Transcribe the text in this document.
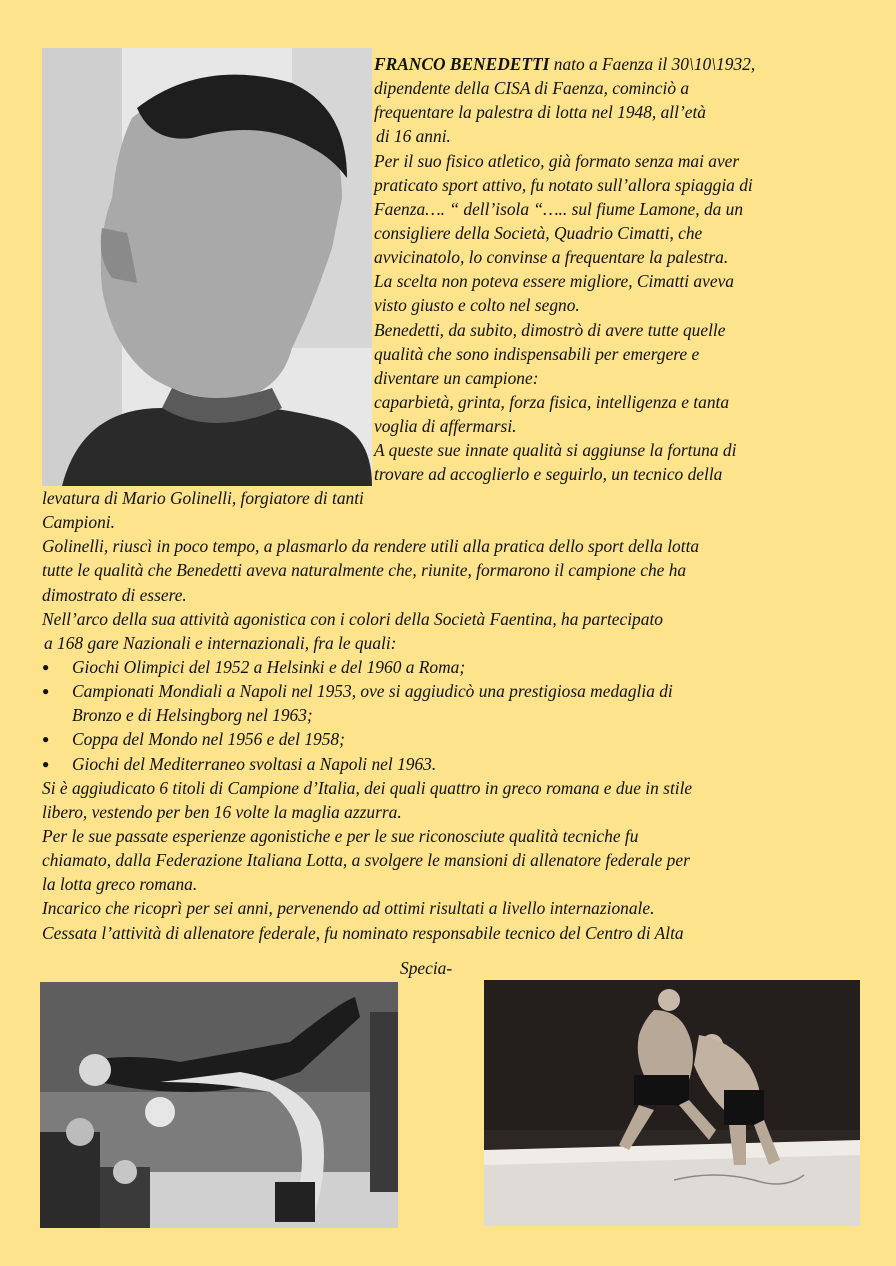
FRANCO BENEDETTI nato a Faenza il 30\10\1932,
dipendente della CISA di Faenza, cominciò a
frequentare la palestra di lotta nel 1948, all’età
di 16 anni.
Per il suo fisico atletico, già formato senza mai aver
praticato sport attivo, fu notato sull’allora spiaggia di
Faenza…. “ dell’isola “….. sul fiume Lamone, da un
consigliere della Società, Quadrio Cimatti, che
avvicinatolo, lo convinse a frequentare la palestra.
La scelta non poteva essere migliore, Cimatti aveva
visto giusto e colto nel segno.
Benedetti, da subito, dimostrò di avere tutte quelle
qualità che sono indispensabili per emergere e
diventare un campione:
caparbietà, grinta, forza fisica, intelligenza e tanta
voglia di affermarsi.
A queste sue innate qualità si aggiunse la fortuna di
trovare ad accoglierlo e seguirlo, un tecnico della
levatura di Mario Golinelli, forgiatore di tanti
Campioni.
Golinelli, riuscì in poco tempo, a plasmarlo da rendere utili alla pratica dello sport della lotta
tutte le qualità che Benedetti aveva naturalmente che, riunite, formarono il campione che ha
dimostrato di essere.
Nell’arco della sua attività agonistica con i colori della Società Faentina, ha partecipato
a 168 gare Nazionali e internazionali, fra le quali:
● Giochi Olimpici del 1952 a Helsinki e del 1960 a Roma;
● Campionati Mondiali a Napoli nel 1953, ove si aggiudicò una prestigiosa medaglia di
Bronzo e di Helsingborg nel 1963;
● Coppa del Mondo nel 1956 e del 1958;
● Giochi del Mediterraneo svoltasi a Napoli nel 1963.
Si è aggiudicato 6 titoli di Campione d’Italia, dei quali quattro in greco romana e due in stile
libero, vestendo per ben 16 volte la maglia azzurra.
Per le sue passate esperienze agonistiche e per le sue riconosciute qualità tecniche fu
chiamato, dalla Federazione Italiana Lotta, a svolgere le mansioni di allenatore federale per
la lotta greco romana.
Incarico che ricoprì per sei anni, pervenendo ad ottimi risultati a livello internazionale.
Cessata l’attività di allenatore federale, fu nominato responsabile tecnico del Centro di Alta
Specia-
